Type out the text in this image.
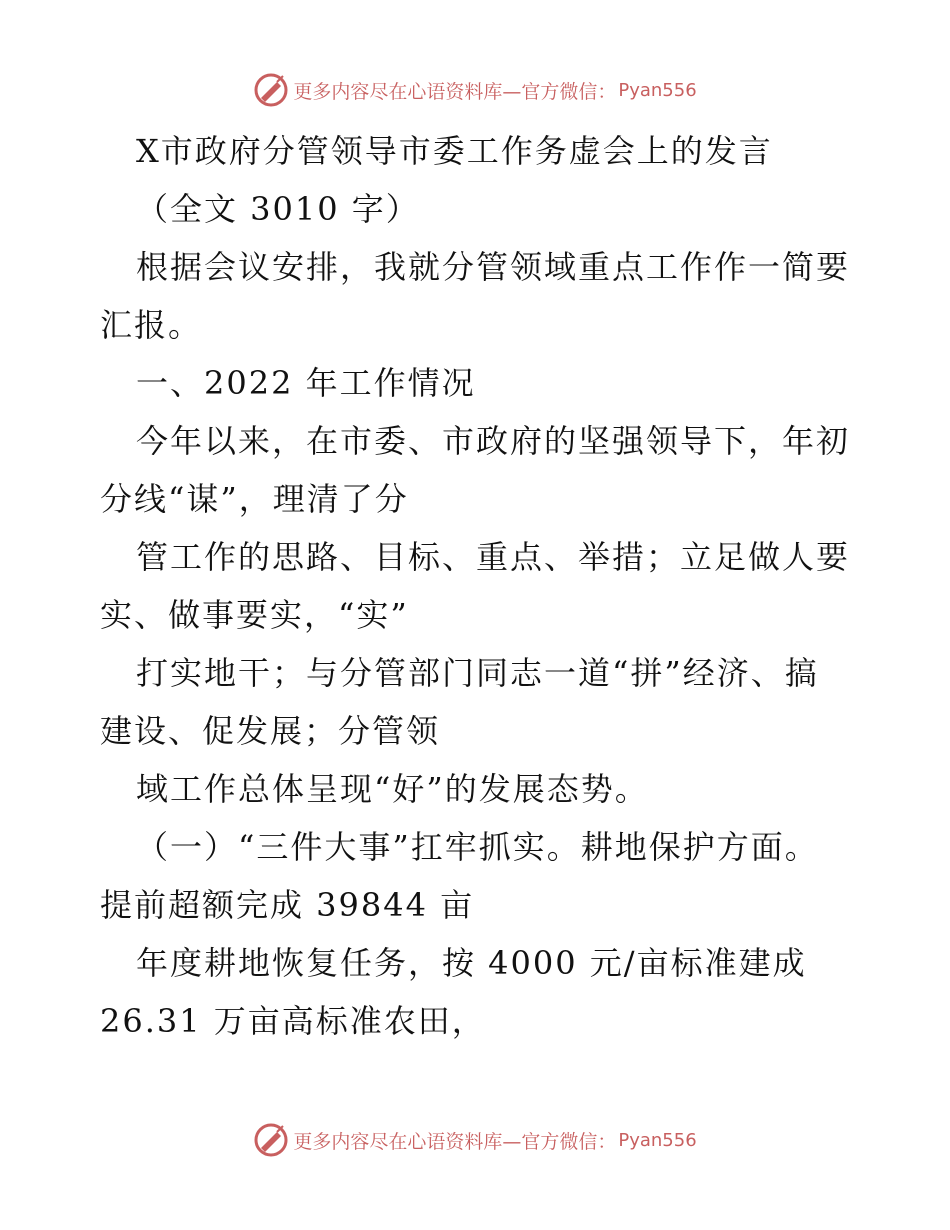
更多内容尽在心语资料库—官方微信： Pyan556
X市政府分管领导市委工作务虚会上的发言
（全文 3010 字）
根据会议安排，我就分管领域重点工作作一简要
汇报。
一、2022 年工作情况
今年以来，在市委、市政府的坚强领导下，年初
分线“谋”，理清了分
管工作的思路、目标、重点、举措；立足做人要
实、做事要实，“实”
打实地干；与分管部门同志一道“拼”经济、搞
建设、促发展；分管领
域工作总体呈现“好”的发展态势。
（一）“三件大事”扛牢抓实。耕地保护方面。
提前超额完成 39844 亩
年度耕地恢复任务，按 4000 元/亩标准建成
26.31 万亩高标准农田，
更多内容尽在心语资料库—官方微信： Pyan556
